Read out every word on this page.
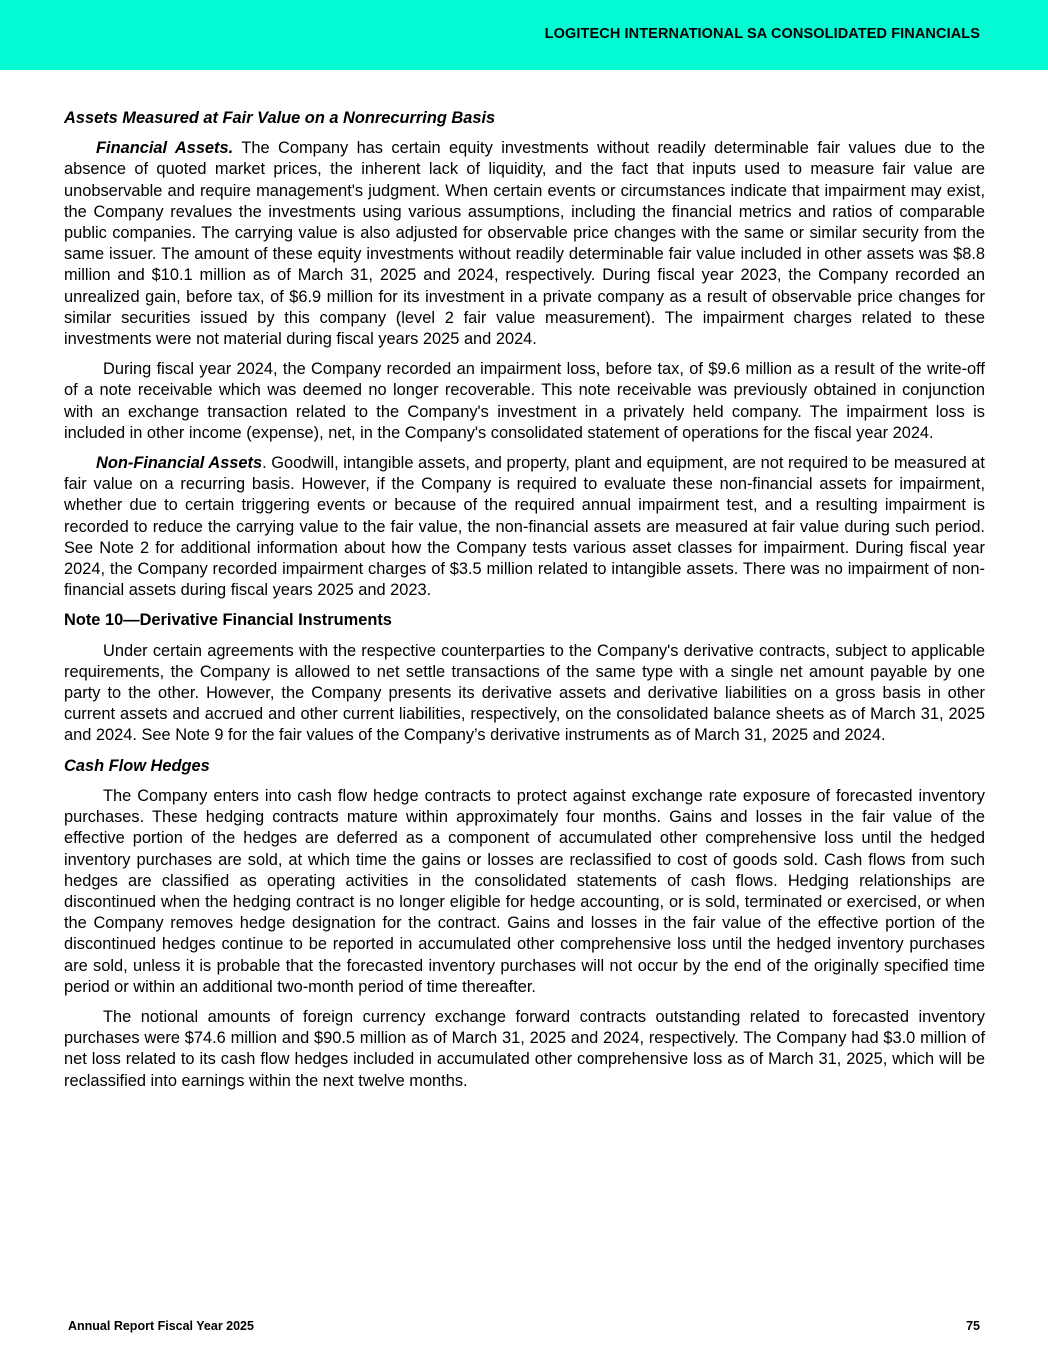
LOGITECH INTERNATIONAL SA CONSOLIDATED FINANCIALS
Assets Measured at Fair Value on a Nonrecurring Basis

Financial Assets. The Company has certain equity investments without readily determinable fair values due to the absence of quoted market prices, the inherent lack of liquidity, and the fact that inputs used to measure fair value are unobservable and require management's judgment. When certain events or circumstances indicate that impairment may exist, the Company revalues the investments using various assumptions, including the financial metrics and ratios of comparable public companies. The carrying value is also adjusted for observable price changes with the same or similar security from the same issuer. The amount of these equity investments without readily determinable fair value included in other assets was $8.8 million and $10.1 million as of March 31, 2025 and 2024, respectively. During fiscal year 2023, the Company recorded an unrealized gain, before tax, of $6.9 million for its investment in a private company as a result of observable price changes for similar securities issued by this company (level 2 fair value measurement). The impairment charges related to these investments were not material during fiscal years 2025 and 2024.

During fiscal year 2024, the Company recorded an impairment loss, before tax, of $9.6 million as a result of the write-off of a note receivable which was deemed no longer recoverable. This note receivable was previously obtained in conjunction with an exchange transaction related to the Company's investment in a privately held company. The impairment loss is included in other income (expense), net, in the Company's consolidated statement of operations for the fiscal year 2024.

Non-Financial Assets. Goodwill, intangible assets, and property, plant and equipment, are not required to be measured at fair value on a recurring basis. However, if the Company is required to evaluate these non-financial assets for impairment, whether due to certain triggering events or because of the required annual impairment test, and a resulting impairment is recorded to reduce the carrying value to the fair value, the non-financial assets are measured at fair value during such period. See Note 2 for additional information about how the Company tests various asset classes for impairment. During fiscal year 2024, the Company recorded impairment charges of $3.5 million related to intangible assets. There was no impairment of non-financial assets during fiscal years 2025 and 2023.

Note 10—Derivative Financial Instruments

Under certain agreements with the respective counterparties to the Company's derivative contracts, subject to applicable requirements, the Company is allowed to net settle transactions of the same type with a single net amount payable by one party to the other. However, the Company presents its derivative assets and derivative liabilities on a gross basis in other current assets and accrued and other current liabilities, respectively, on the consolidated balance sheets as of March 31, 2025 and 2024. See Note 9 for the fair values of the Company’s derivative instruments as of March 31, 2025 and 2024.

Cash Flow Hedges

The Company enters into cash flow hedge contracts to protect against exchange rate exposure of forecasted inventory purchases. These hedging contracts mature within approximately four months. Gains and losses in the fair value of the effective portion of the hedges are deferred as a component of accumulated other comprehensive loss until the hedged inventory purchases are sold, at which time the gains or losses are reclassified to cost of goods sold. Cash flows from such hedges are classified as operating activities in the consolidated statements of cash flows. Hedging relationships are discontinued when the hedging contract is no longer eligible for hedge accounting, or is sold, terminated or exercised, or when the Company removes hedge designation for the contract. Gains and losses in the fair value of the effective portion of the discontinued hedges continue to be reported in accumulated other comprehensive loss until the hedged inventory purchases are sold, unless it is probable that the forecasted inventory purchases will not occur by the end of the originally specified time period or within an additional two-month period of time thereafter.

The notional amounts of foreign currency exchange forward contracts outstanding related to forecasted inventory purchases were $74.6 million and $90.5 million as of March 31, 2025 and 2024, respectively. The Company had $3.0 million of net loss related to its cash flow hedges included in accumulated other comprehensive loss as of March 31, 2025, which will be reclassified into earnings within the next twelve months.

Annual Report Fiscal Year 2025	75
